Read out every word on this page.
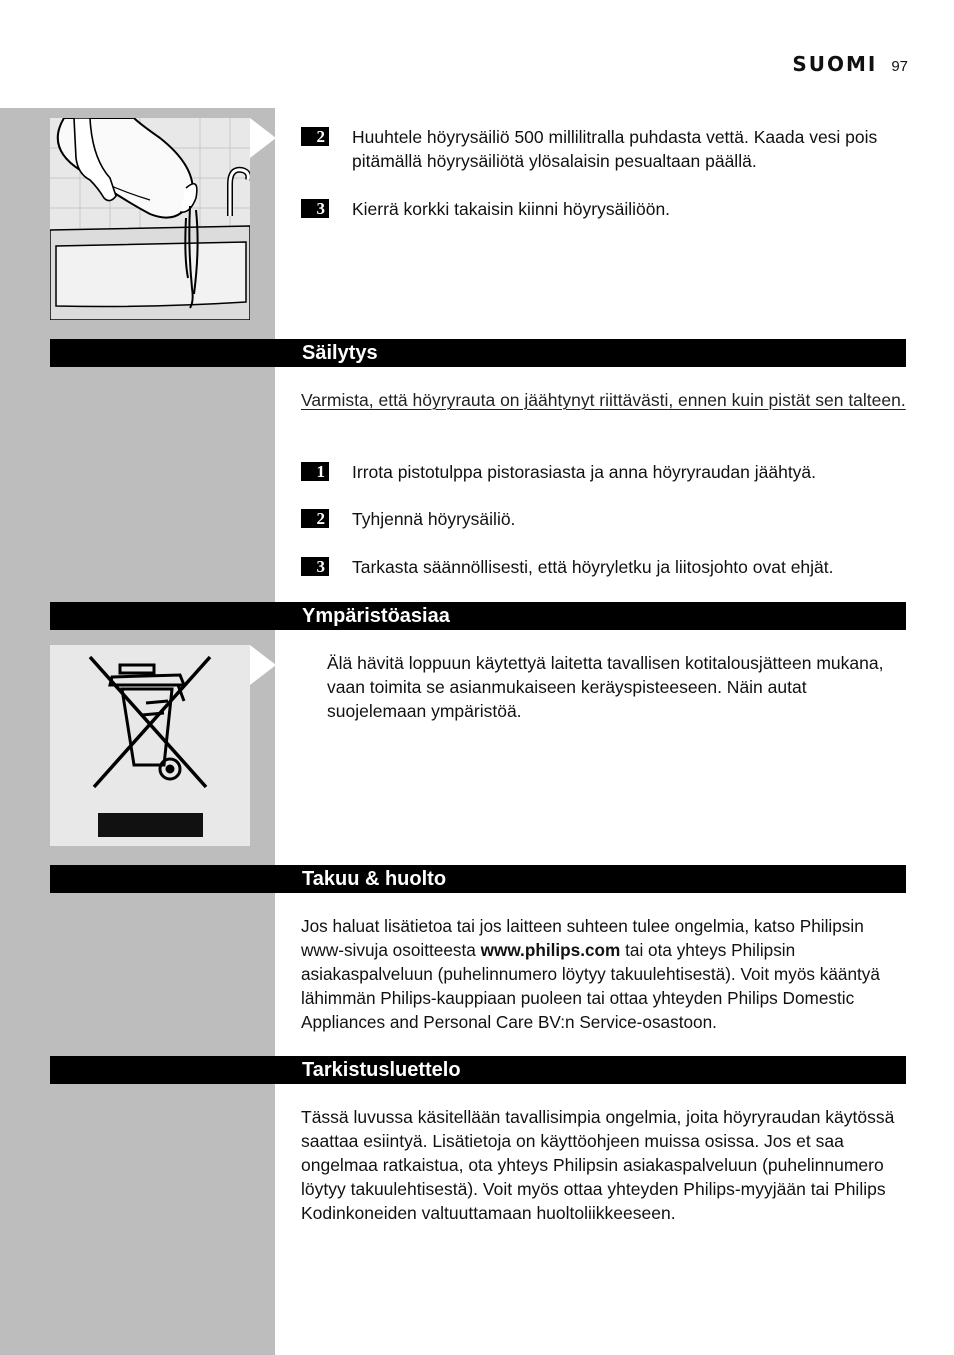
SUOMI 97
2 Huuhtele höyrysäiliö 500 millilitralla puhdasta vettä. Kaada vesi pois pitämällä höyrysäiliötä ylösalaisin pesualtaan päällä.
3 Kierrä korkki takaisin kiinni höyrysäiliöön.
Säilytys
Varmista, että höyryrauta on jäähtynyt riittävästi, ennen kuin pistät sen talteen.
1 Irrota pistotulppa pistorasiasta ja anna höyryraudan jäähtyä.
2 Tyhjennä höyrysäiliö.
3 Tarkasta säännöllisesti, että höyryletku ja liitosjohto ovat ehjät.
Ympäristöasiaa
Älä hävitä loppuun käytettyä laitetta tavallisen kotitalousjätteen mukana, vaan toimita se asianmukaiseen keräyspisteeseen. Näin autat suojelemaan ympäristöä.
Takuu & huolto
Jos haluat lisätietoa tai jos laitteen suhteen tulee ongelmia, katso Philipsin www-sivuja osoitteesta www.philips.com tai ota yhteys Philipsin asiakaspalveluun (puhelinnumero löytyy takuulehtisestä). Voit myös kääntyä lähimmän Philips-kauppiaan puoleen tai ottaa yhteyden Philips Domestic Appliances and Personal Care BV:n Service-osastoon.
Tarkistusluettelo
Tässä luvussa käsitellään tavallisimpia ongelmia, joita höyryraudan käytössä saattaa esiintyä. Lisätietoja on käyttöohjeen muissa osissa. Jos et saa ongelmaa ratkaistua, ota yhteys Philipsin asiakaspalveluun (puhelinnumero löytyy takuulehtisestä). Voit myös ottaa yhteyden Philips-myyjään tai Philips Kodinkoneiden valtuuttamaan huoltoliikkeeseen.
